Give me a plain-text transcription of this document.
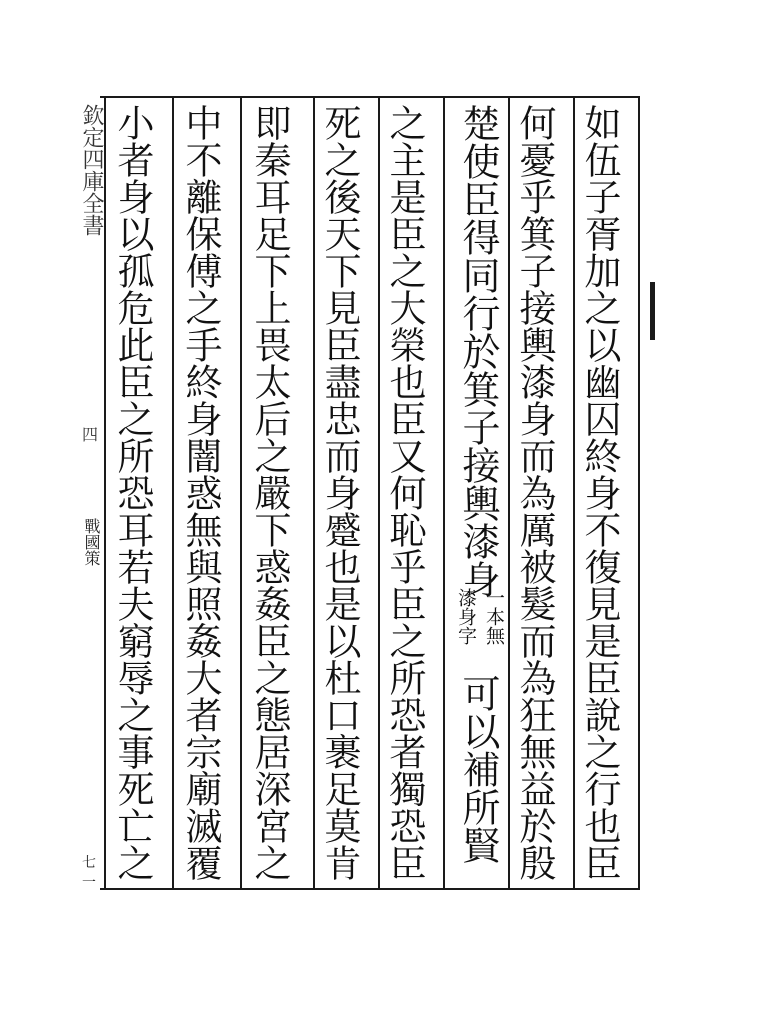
如伍子胥加之以幽囚終身不復見是臣說之行也臣
何憂乎箕子接輿漆身而為厲被髮而為狂無益於殷
楚使臣得同行於箕子接輿漆身
一本無
漆身字
可以補所賢
之主是臣之大榮也臣又何恥乎臣之所恐者獨恐臣
死之後天下見臣盡忠而身蹙也是以杜口裹足莫肯
即秦耳足下上畏太后之嚴下惑姦臣之態居深宮之
中不離保傅之手終身闇惑無與照姦大者宗廟滅覆
小者身以孤危此臣之所恐耳若夫窮辱之事死亡之
欽定四庫全書
四
戰國策
七一
